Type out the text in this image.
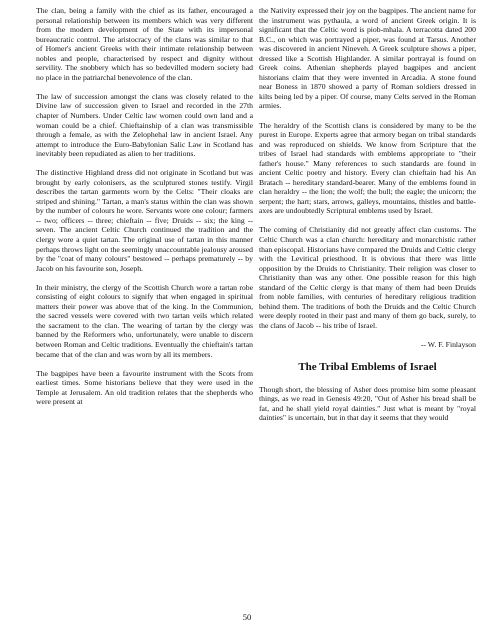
The clan, being a family with the chief as its father, encouraged a personal relationship between its members which was very different from the modern development of the State with its impersonal bureaucratic control. The aristocracy of the clans was similar to that of Homer's ancient Greeks with their intimate relationship between nobles and people, characterised by respect and dignity without servility. The snobbery which has so bedevilled modern society had no place in the patriarchal benevolence of the clan.

The law of succession amongst the clans was closely related to the Divine law of succession given to Israel and recorded in the 27th chapter of Numbers. Under Celtic law women could own land and a woman could be a chief. Chieftainship of a clan was transmissible through a female, as with the Zelophehal law in ancient Israel. Any attempt to introduce the Euro-Babylonian Salic Law in Scotland has inevitably been repudiated as alien to her traditions.

The distinctive Highland dress did not originate in Scotland but was brought by early colonisers, as the sculptured stones testify. Virgil describes the tartan garments worn by the Celts: "Their cloaks are striped and shining." Tartan, a man's status within the clan was shown by the number of colours he wore. Servants wore one colour; farmers -- two; officers -- three; chieftain -- five; Druids -- six; the king -- seven. The ancient Celtic Church continued the tradition and the clergy wore a quiet tartan. The original use of tartan in this manner perhaps throws light on the seemingly unaccountable jealousy aroused by the "coat of many colours" bestowed -- perhaps prematurely -- by Jacob on his favourite son, Joseph.

In their ministry, the clergy of the Scottish Church wore a tartan robe consisting of eight colours to signify that when engaged in spiritual matters their power was above that of the king. In the Communion, the sacred vessels were covered with two tartan veils which related the sacrament to the clan. The wearing of tartan by the clergy was banned by the Reformers who, unfortunately, were unable to discern between Roman and Celtic traditions. Eventually the chieftain's tartan became that of the clan and was worn by all its members.

The bagpipes have been a favourite instrument with the Scots from earliest times. Some historians believe that they were used in the Temple at Jerusalem. An old tradition relates that the shepherds who were present at

the Nativity expressed their joy on the bagpipes. The ancient name for the instrument was pythaula, a word of ancient Greek origin. It is significant that the Celtic word is piob-mhala. A terracotta dated 200 B.C., on which was portrayed a piper, was found at Tarsus. Another was discovered in ancient Nineveh. A Greek sculpture shows a piper, dressed like a Scottish Highlander. A similar portrayal is found on Greek coins. Athenian shepherds played bagpipes and ancient historians claim that they were invented in Arcadia. A stone found near Boness in 1870 showed a party of Roman soldiers dressed in kilts being led by a piper. Of course, many Celts served in the Roman armies.

The heraldry of the Scottish clans is considered by many to be the purest in Europe. Experts agree that armory began on tribal standards and was reproduced on shields. We know from Scripture that the tribes of Israel had standards with emblems appropriate to "their father's house." Many references to such standards are found in ancient Celtic poetry and history. Every clan chieftain had his An Bratach -- hereditary standard-bearer. Many of the emblems found in clan heraldry -- the lion; the wolf; the bull; the eagle; the unicorn; the serpent; the hart; stars, arrows, galleys, mountains, thistles and battle-axes are undoubtedly Scriptural emblems used by Israel.

The coming of Christianity did not greatly affect clan customs. The Celtic Church was a clan church: hereditary and monarchistic rather than episcopal. Historians have compared the Druids and Celtic clergy with the Levitical priesthood. It is obvious that there was little opposition by the Druids to Christianity. Their religion was closer to Christianity than was any other. One possible reason for this high standard of the Celtic clergy is that many of them had been Druids from noble families, with centuries of hereditary religious tradition behind them. The traditions of both the Druids and the Celtic Church were deeply rooted in their past and many of them go back, surely, to the clans of Jacob -- his tribe of Israel.

-- W. F. Finlayson
The Tribal Emblems of Israel

Though short, the blessing of Asher does promise him some pleasant things, as we read in Genesis 49:20, "Out of Asher his bread shall be fat, and he shall yield royal dainties." Just what is meant by "royal dainties" is uncertain, but in that day it seems that they would

50
